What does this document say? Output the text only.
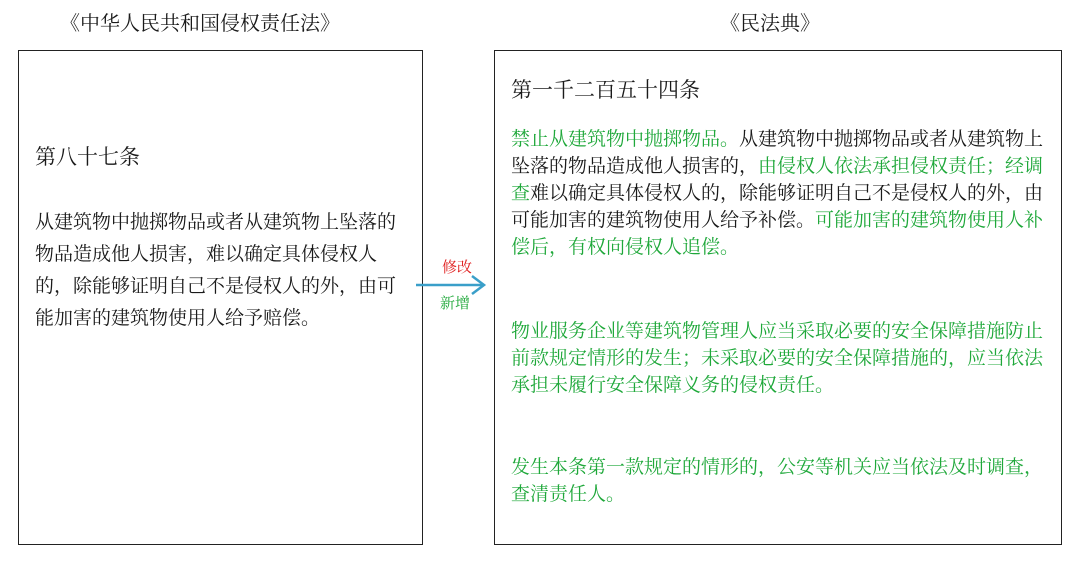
《中华人民共和国侵权责任法》	《民法典》
第八十七条

从建筑物中抛掷物品或者从建筑物上坠落的物品造成他人损害，难以确定具体侵权人的，除能够证明自己不是侵权人的外，由可能加害的建筑物使用人给予赔偿。

第一千二百五十四条

禁止从建筑物中抛掷物品。从建筑物中抛掷物品或者从建筑物上坠落的物品造成他人损害的，由侵权人依法承担侵权责任；经调查难以确定具体侵权人的，除能够证明自己不是侵权人的外，由可能加害的建筑物使用人给予补偿。可能加害的建筑物使用人补偿后，有权向侵权人追偿。

物业服务企业等建筑物管理人应当采取必要的安全保障措施防止前款规定情形的发生；未采取必要的安全保障措施的，应当依法承担未履行安全保障义务的侵权责任。

发生本条第一款规定的情形的，公安等机关应当依法及时调查，查清责任人。

修改
新增
